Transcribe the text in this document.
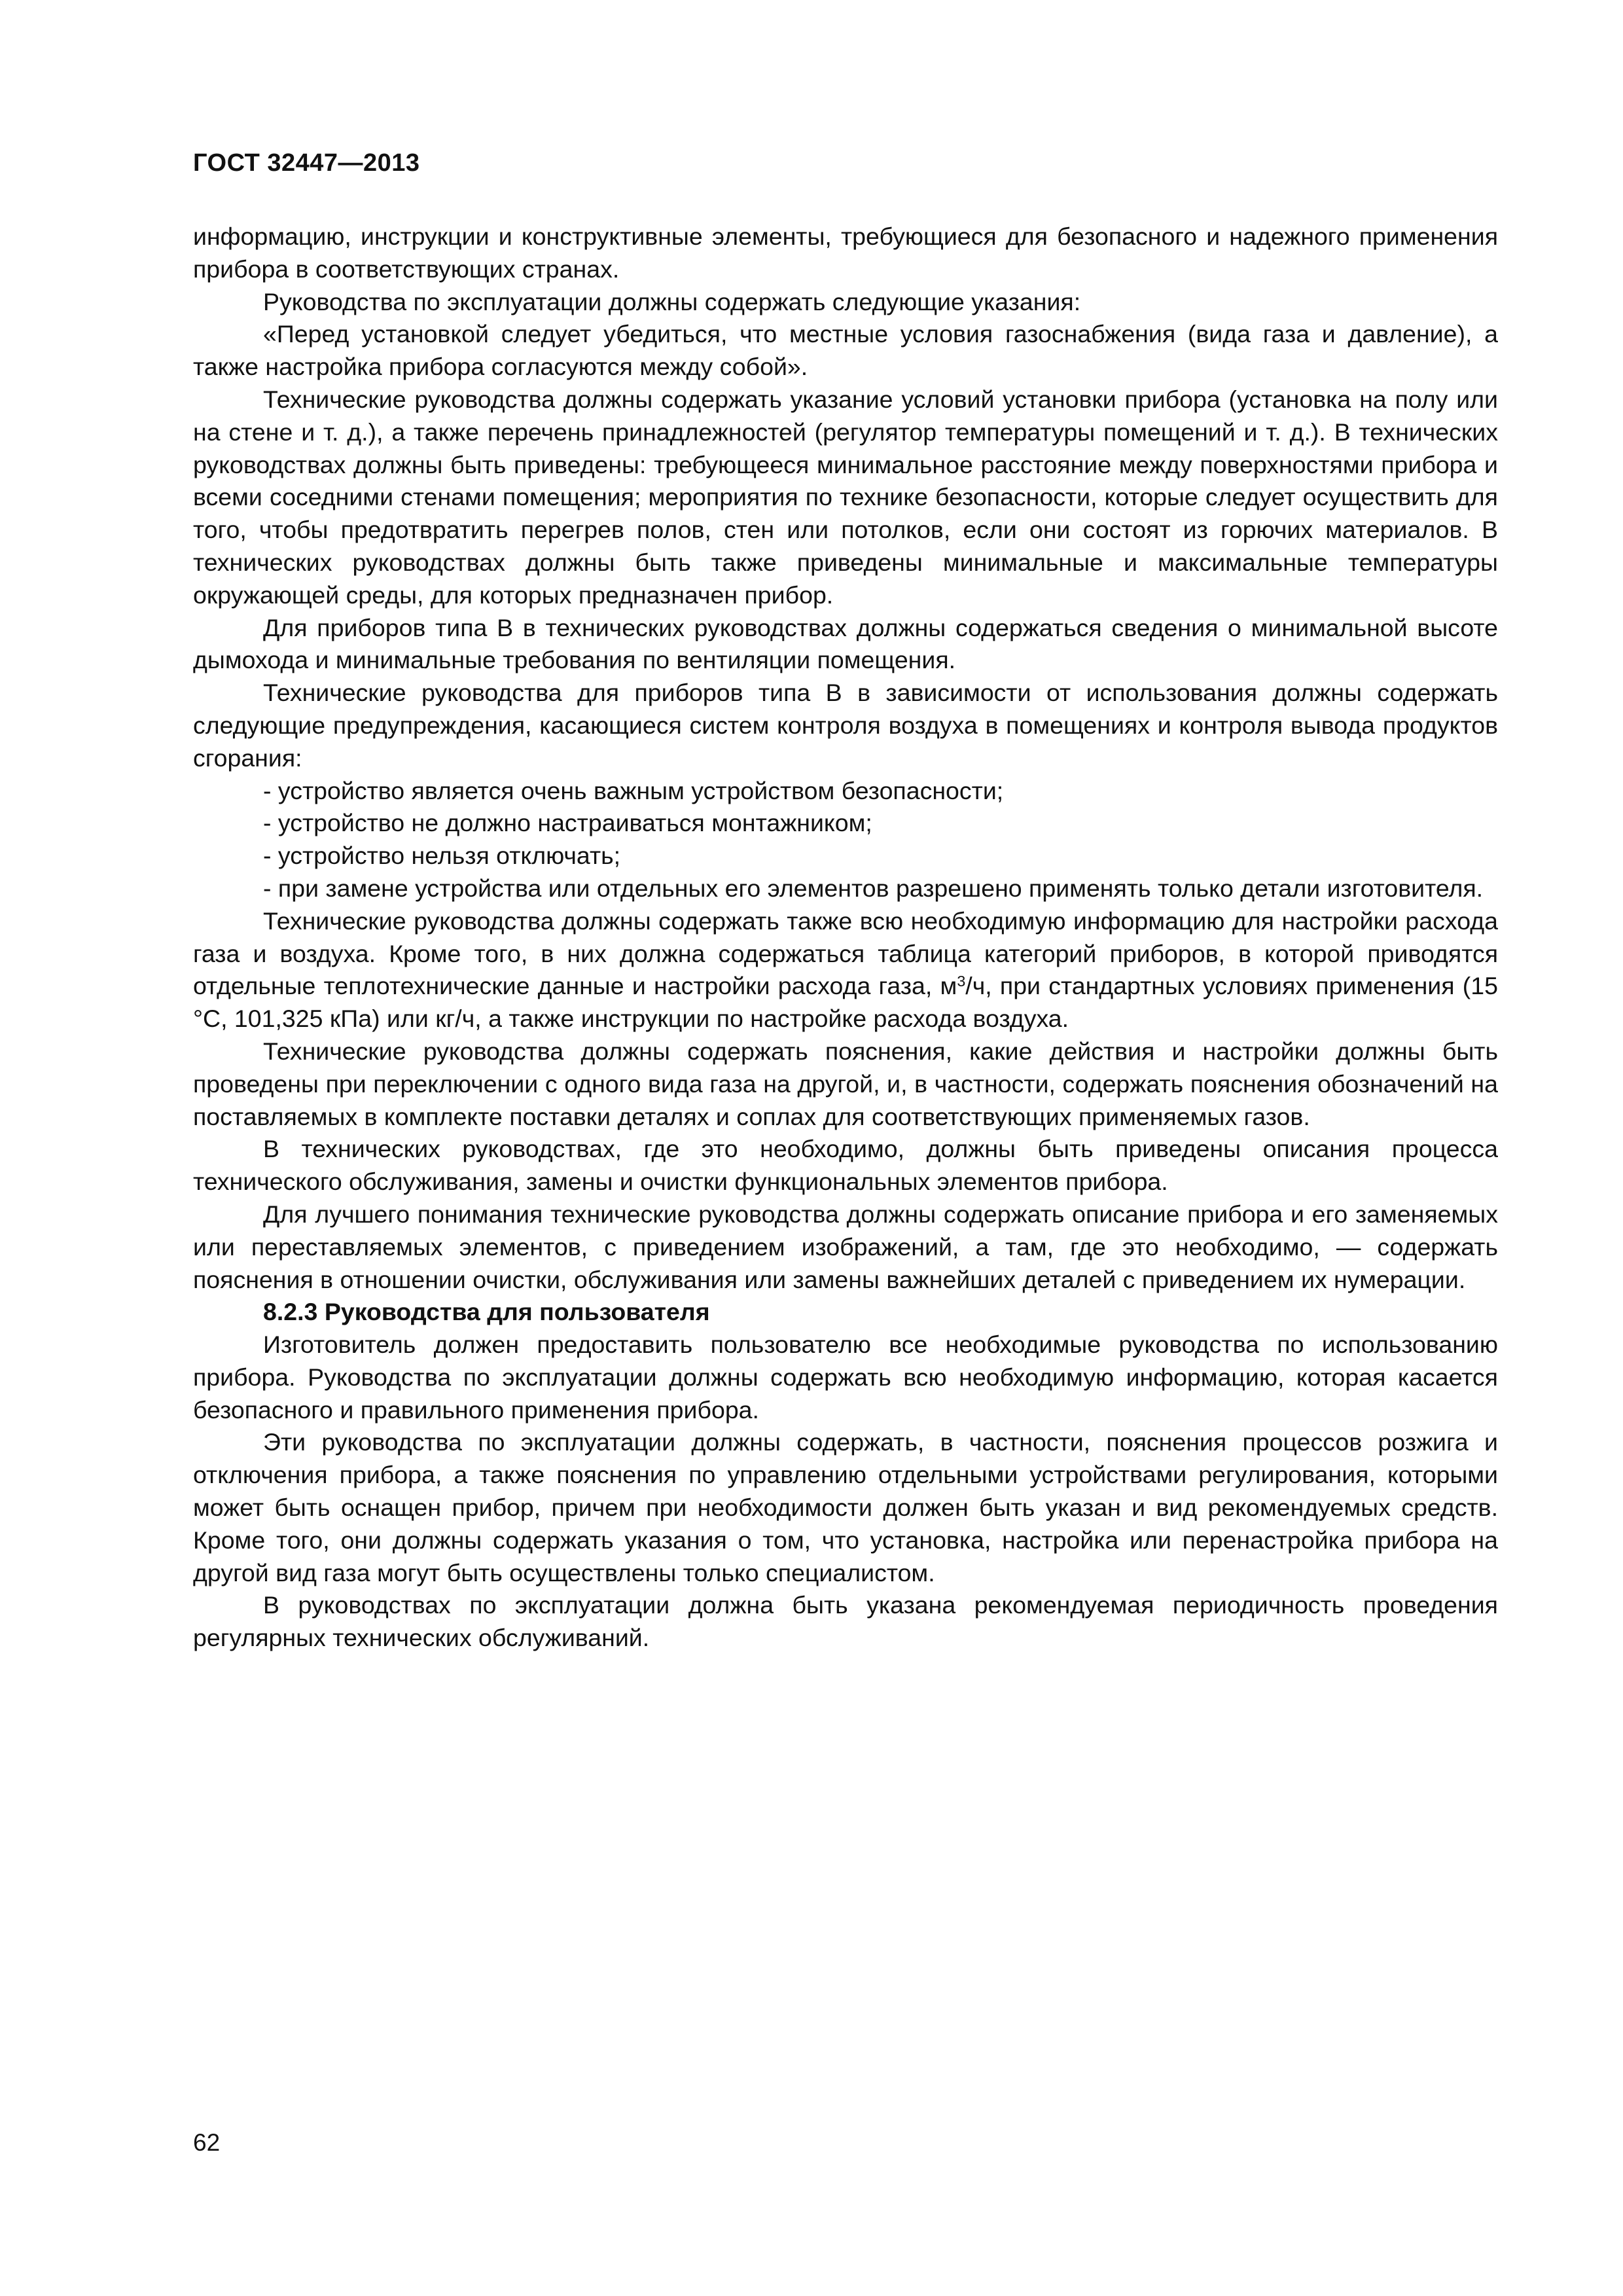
ГОСТ 32447—2013

информацию, инструкции и конструктивные элементы, требующиеся для безопасного и надежного применения прибора в соответствующих странах.

Руководства по эксплуатации должны содержать следующие указания:

«Перед установкой следует убедиться, что местные условия газоснабжения (вида газа и давление), а также настройка прибора согласуются между собой».

Технические руководства должны содержать указание условий установки прибора (установка на полу или на стене и т. д.), а также перечень принадлежностей (регулятор температуры помещений и т. д.). В технических руководствах должны быть приведены: требующееся минимальное расстояние между поверхностями прибора и всеми соседними стенами помещения; мероприятия по технике безопасности, которые следует осуществить для того, чтобы предотвратить перегрев полов, стен или потолков, если они состоят из горючих материалов. В технических руководствах должны быть также приведены минимальные и максимальные температуры окружающей среды, для которых предназначен прибор.

Для приборов типа B в технических руководствах должны содержаться сведения о минимальной высоте дымохода и минимальные требования по вентиляции помещения.

Технические руководства для приборов типа B в зависимости от использования должны содержать следующие предупреждения, касающиеся систем контроля воздуха в помещениях и контроля вывода продуктов сгорания:

- устройство является очень важным устройством безопасности;

- устройство не должно настраиваться монтажником;

- устройство нельзя отключать;

- при замене устройства или отдельных его элементов разрешено применять только детали изготовителя.

Технические руководства должны содержать также всю необходимую информацию для настройки расхода газа и воздуха. Кроме того, в них должна содержаться таблица категорий приборов, в которой приводятся отдельные теплотехнические данные и настройки расхода газа, $м^3/ч$, при стандартных условиях применения (15 °С, 101,325 кПа) или кг/ч, а также инструкции по настройке расхода воздуха.

Технические руководства должны содержать пояснения, какие действия и настройки должны быть проведены при переключении с одного вида газа на другой, и, в частности, содержать пояснения обозначений на поставляемых в комплекте поставки деталях и соплах для соответствующих применяемых газов.

В технических руководствах, где это необходимо, должны быть приведены описания процесса технического обслуживания, замены и очистки функциональных элементов прибора.

Для лучшего понимания технические руководства должны содержать описание прибора и его заменяемых или переставляемых элементов, с приведением изображений, а там, где это необходимо, — содержать пояснения в отношении очистки, обслуживания или замены важнейших деталей с приведением их нумерации.

8.2.3 Руководства для пользователя

Изготовитель должен предоставить пользователю все необходимые руководства по использованию прибора. Руководства по эксплуатации должны содержать всю необходимую информацию, которая касается безопасного и правильного применения прибора.

Эти руководства по эксплуатации должны содержать, в частности, пояснения процессов розжига и отключения прибора, а также пояснения по управлению отдельными устройствами регулирования, которыми может быть оснащен прибор, причем при необходимости должен быть указан и вид рекомендуемых средств. Кроме того, они должны содержать указания о том, что установка, настройка или перенастройка прибора на другой вид газа могут быть осуществлены только специалистом.

В руководствах по эксплуатации должна быть указана рекомендуемая периодичность проведения регулярных технических обслуживаний.

62
